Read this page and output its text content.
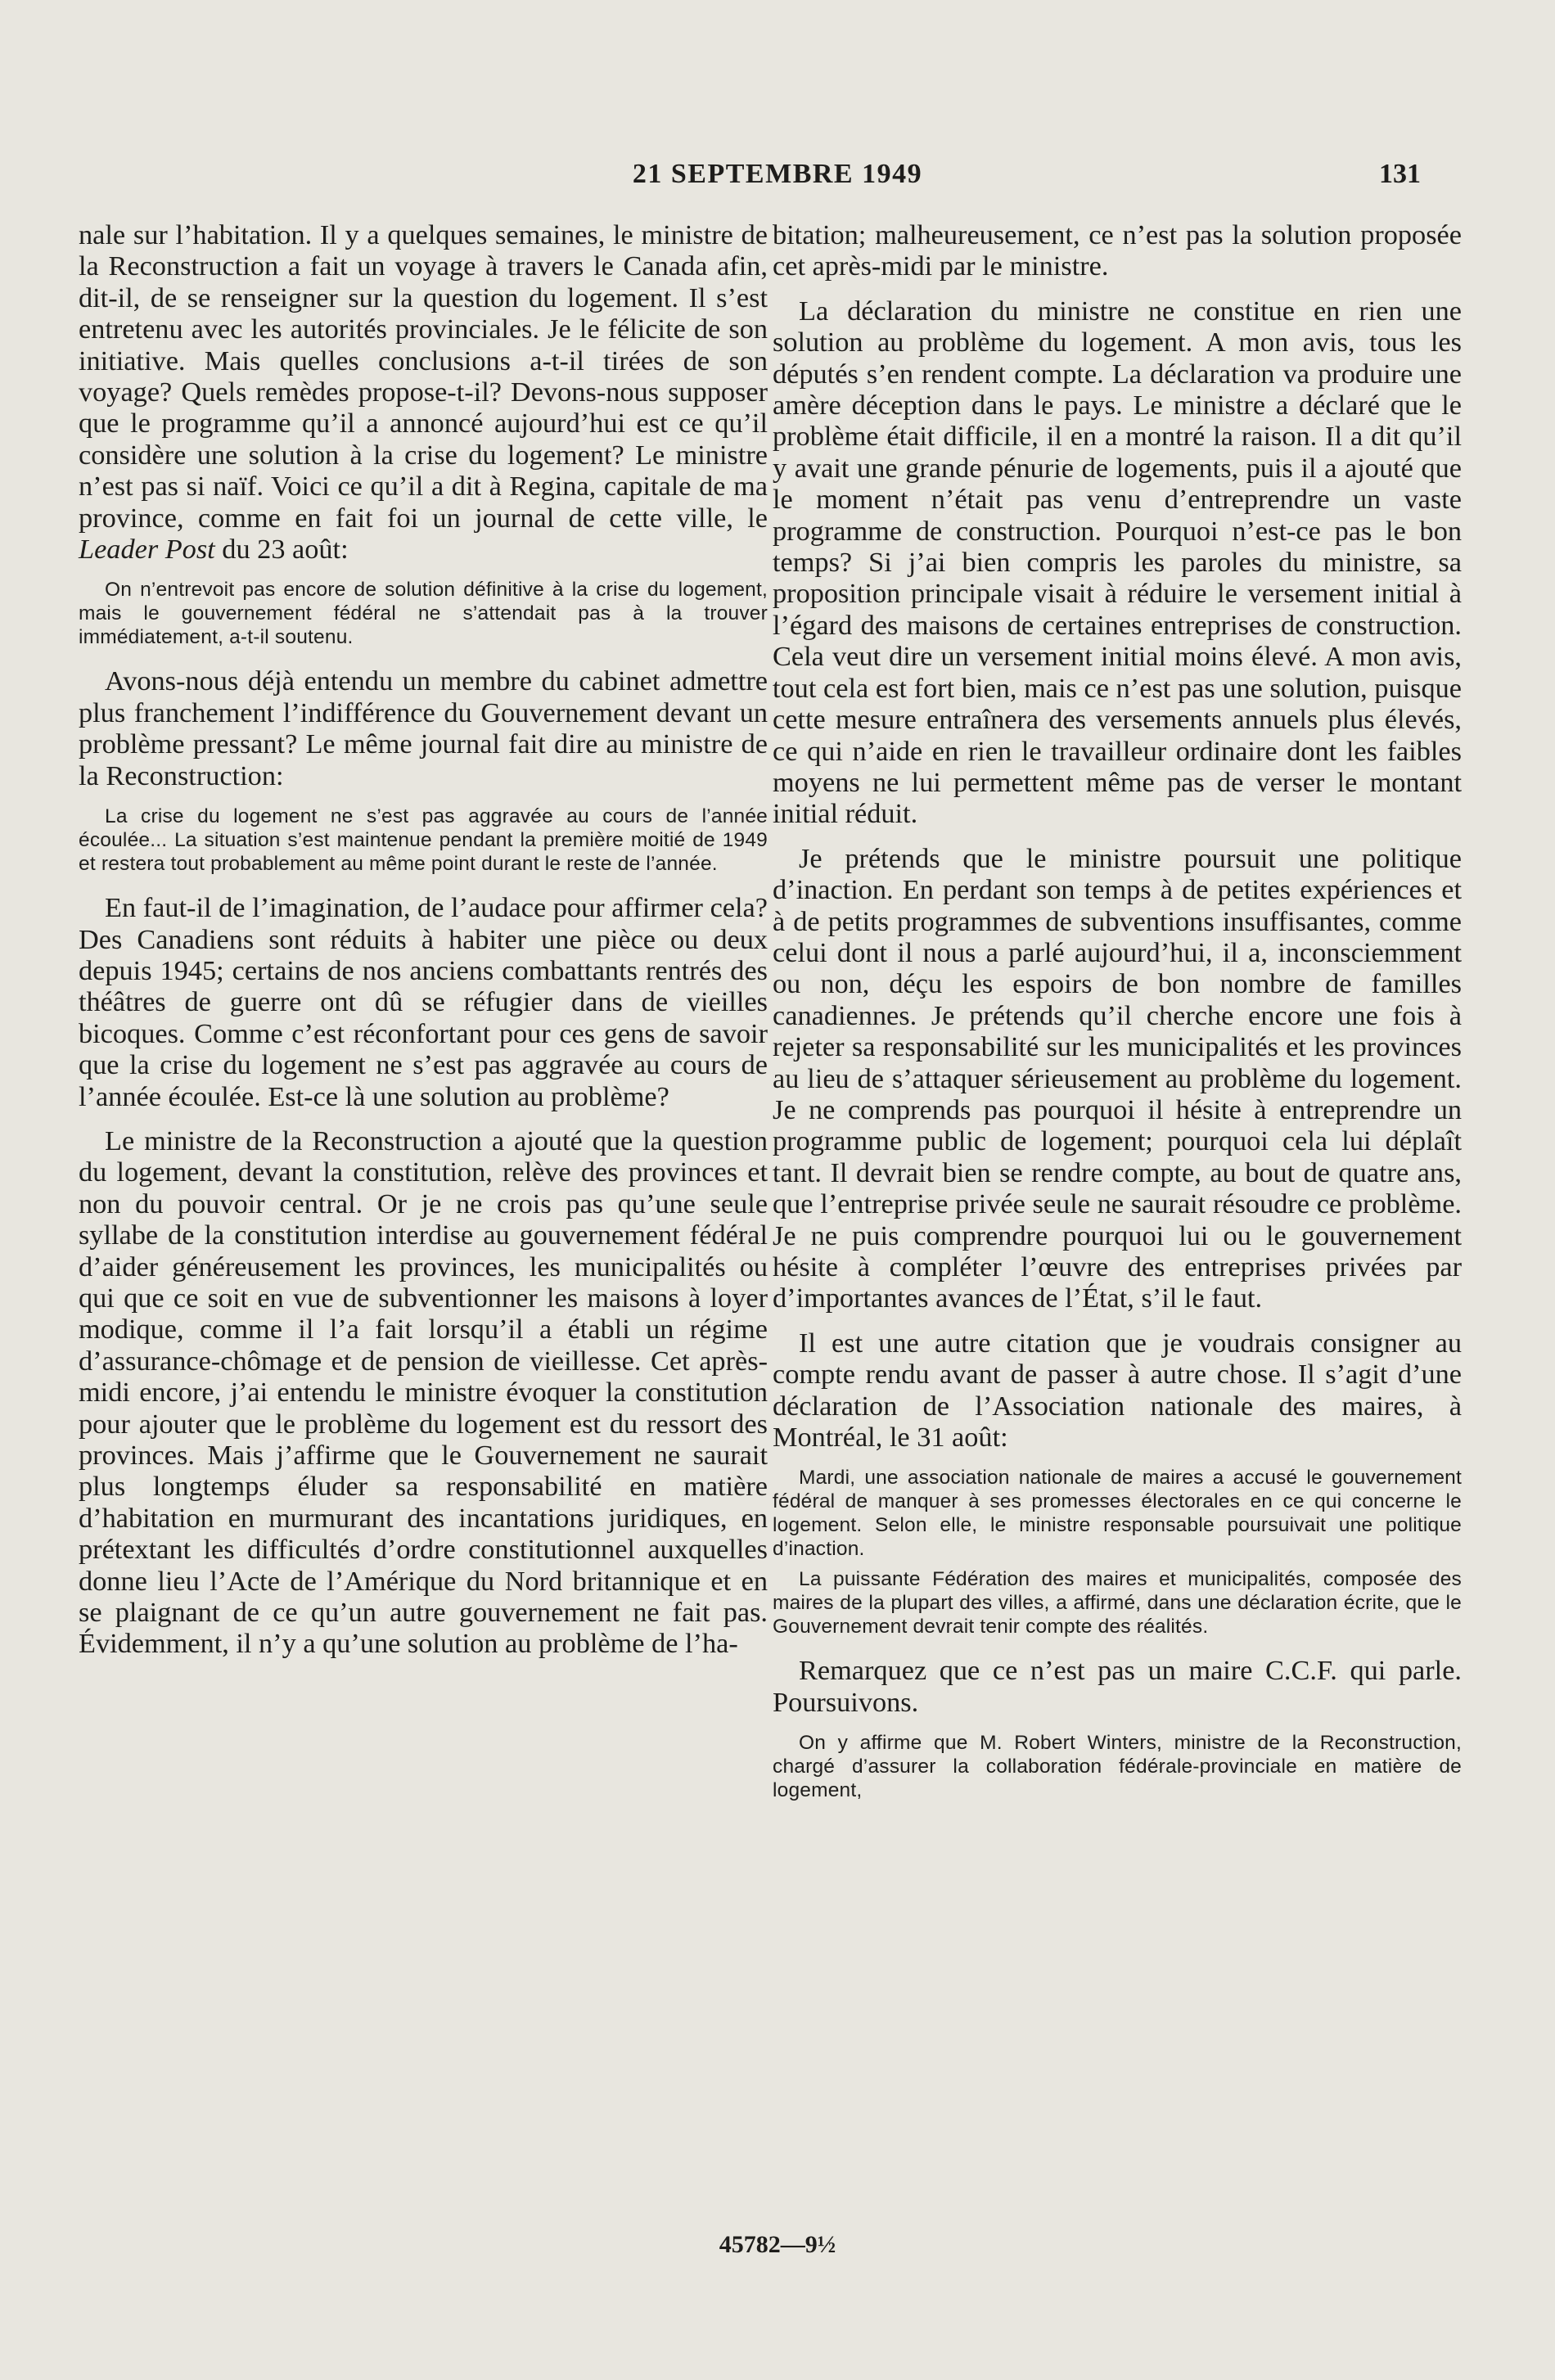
21 SEPTEMBRE 1949	131

nale sur l’habitation. Il y a quelques semaines, le ministre de la Reconstruction a fait un voyage à travers le Canada afin, dit-il, de se renseigner sur la question du logement. Il s’est entretenu avec les autorités provinciales. Je le félicite de son initiative. Mais quelles conclusions a-t-il tirées de son voyage? Quels remèdes propose-t-il? Devons-nous supposer que le programme qu’il a annoncé aujourd’hui est ce qu’il considère une solution à la crise du logement? Le ministre n’est pas si naïf. Voici ce qu’il a dit à Regina, capitale de ma province, comme en fait foi un journal de cette ville, le Leader Post du 23 août:

On n’entrevoit pas encore de solution définitive à la crise du logement, mais le gouvernement fédéral ne s’attendait pas à la trouver immédiatement, a-t-il soutenu.

Avons-nous déjà entendu un membre du cabinet admettre plus franchement l’indifférence du Gouvernement devant un problème pressant? Le même journal fait dire au ministre de la Reconstruction:

La crise du logement ne s’est pas aggravée au cours de l’année écoulée... La situation s’est maintenue pendant la première moitié de 1949 et restera tout probablement au même point durant le reste de l’année.

En faut-il de l’imagination, de l’audace pour affirmer cela? Des Canadiens sont réduits à habiter une pièce ou deux depuis 1945; certains de nos anciens combattants rentrés des théâtres de guerre ont dû se réfugier dans de vieilles bicoques. Comme c’est réconfortant pour ces gens de savoir que la crise du logement ne s’est pas aggravée au cours de l’année écoulée. Est-ce là une solution au problème?

Le ministre de la Reconstruction a ajouté que la question du logement, devant la constitution, relève des provinces et non du pouvoir central. Or je ne crois pas qu’une seule syllabe de la constitution interdise au gouvernement fédéral d’aider généreusement les provinces, les municipalités ou qui que ce soit en vue de subventionner les maisons à loyer modique, comme il l’a fait lorsqu’il a établi un régime d’assurance-chômage et de pension de vieillesse. Cet après-midi encore, j’ai entendu le ministre évoquer la constitution pour ajouter que le problème du logement est du ressort des provinces. Mais j’affirme que le Gouvernement ne saurait plus longtemps éluder sa responsabilité en matière d’habitation en murmurant des incantations juridiques, en prétextant les difficultés d’ordre constitutionnel auxquelles donne lieu l’Acte de l’Amérique du Nord britannique et en se plaignant de ce qu’un autre gouvernement ne fait pas. Évidemment, il n’y a qu’une solution au problème de l’ha-

bitation; malheureusement, ce n’est pas la solution proposée cet après-midi par le ministre.

La déclaration du ministre ne constitue en rien une solution au problème du logement. A mon avis, tous les députés s’en rendent compte. La déclaration va produire une amère déception dans le pays. Le ministre a déclaré que le problème était difficile, il en a montré la raison. Il a dit qu’il y avait une grande pénurie de logements, puis il a ajouté que le moment n’était pas venu d’entreprendre un vaste programme de construction. Pourquoi n’est-ce pas le bon temps? Si j’ai bien compris les paroles du ministre, sa proposition principale visait à réduire le versement initial à l’égard des maisons de certaines entreprises de construction. Cela veut dire un versement initial moins élevé. A mon avis, tout cela est fort bien, mais ce n’est pas une solution, puisque cette mesure entraînera des versements annuels plus élevés, ce qui n’aide en rien le travailleur ordinaire dont les faibles moyens ne lui permettent même pas de verser le montant initial réduit.

Je prétends que le ministre poursuit une politique d’inaction. En perdant son temps à de petites expériences et à de petits programmes de subventions insuffisantes, comme celui dont il nous a parlé aujourd’hui, il a, inconsciemment ou non, déçu les espoirs de bon nombre de familles canadiennes. Je prétends qu’il cherche encore une fois à rejeter sa responsabilité sur les municipalités et les provinces au lieu de s’attaquer sérieusement au problème du logement. Je ne comprends pas pourquoi il hésite à entreprendre un programme public de logement; pourquoi cela lui déplaît tant. Il devrait bien se rendre compte, au bout de quatre ans, que l’entreprise privée seule ne saurait résoudre ce problème. Je ne puis comprendre pourquoi lui ou le gouvernement hésite à compléter l’œuvre des entreprises privées par d’importantes avances de l’État, s’il le faut.

Il est une autre citation que je voudrais consigner au compte rendu avant de passer à autre chose. Il s’agit d’une déclaration de l’Association nationale des maires, à Montréal, le 31 août:

Mardi, une association nationale de maires a accusé le gouvernement fédéral de manquer à ses promesses électorales en ce qui concerne le logement. Selon elle, le ministre responsable poursuivait une politique d’inaction.
La puissante Fédération des maires et municipalités, composée des maires de la plupart des villes, a affirmé, dans une déclaration écrite, que le Gouvernement devrait tenir compte des réalités.

Remarquez que ce n’est pas un maire C.C.F. qui parle. Poursuivons.

On y affirme que M. Robert Winters, ministre de la Reconstruction, chargé d’assurer la collaboration fédérale-provinciale en matière de logement,
45782—9½
